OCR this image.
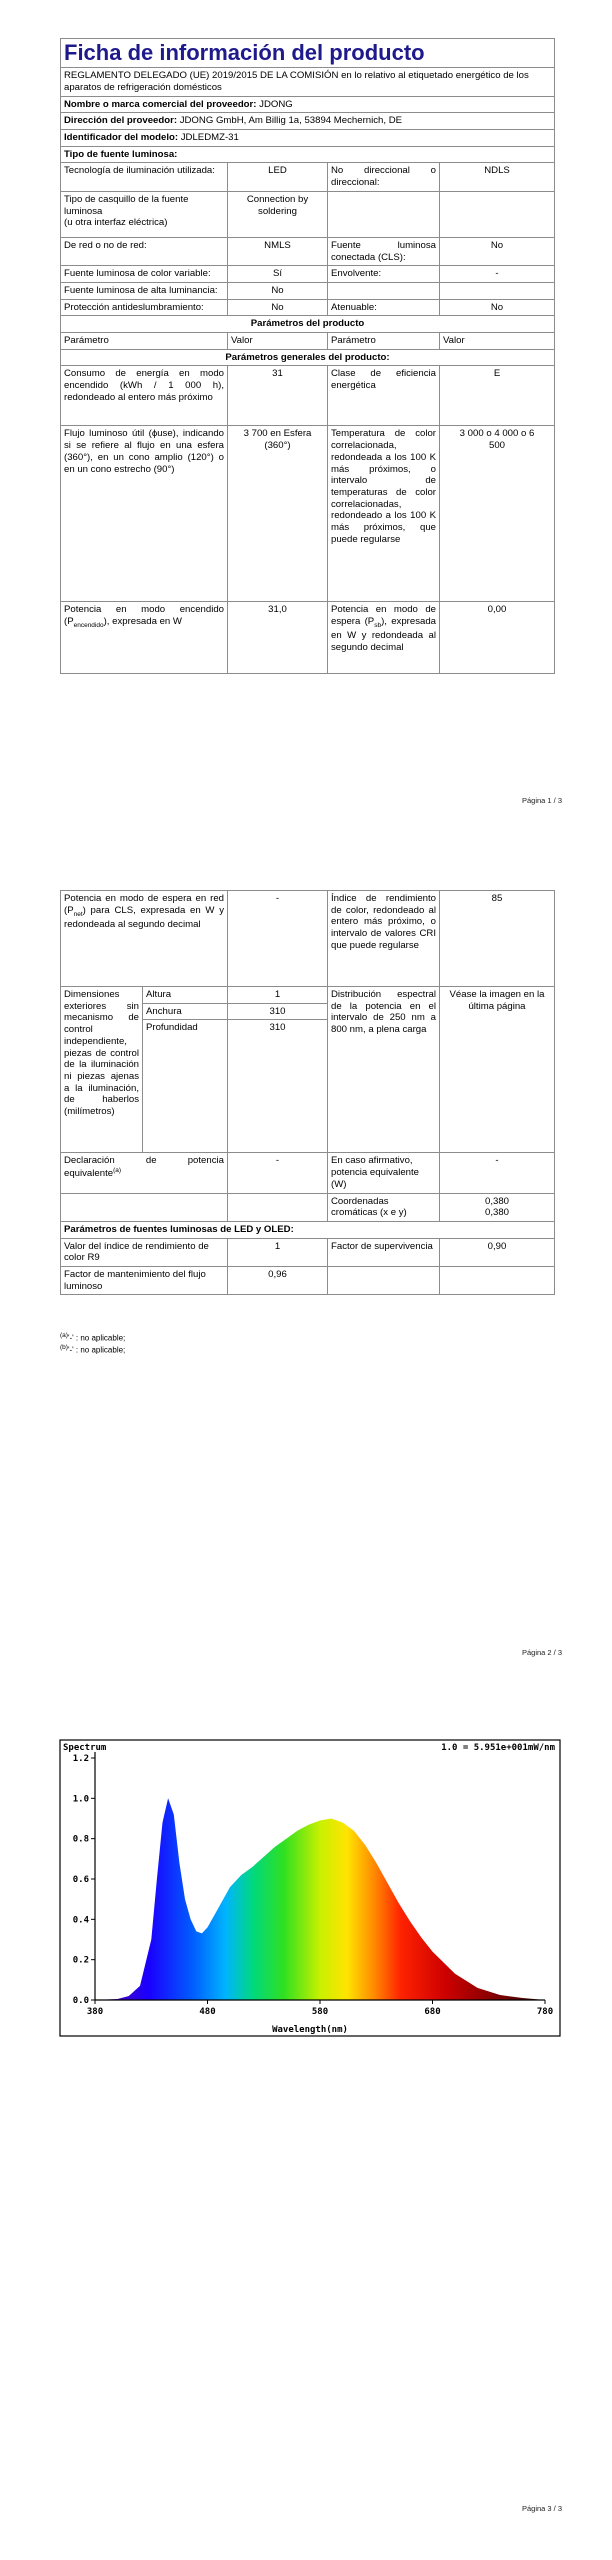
Ficha de información del producto			
REGLAMENTO DELEGADO (UE) 2019/2015 DE LA COMISIÓN en lo relativo al etiquetado energético de los aparatos de refrigeración domésticos			
Nombre o marca comercial del proveedor: JDONG			
Dirección del proveedor: JDONG GmbH, Am Billig 1a, 53894 Mechernich, DE			
Identificador del modelo: JDLEDMZ-31			
Tipo de fuente luminosa:			
Tecnología de iluminación utilizada:	LED	No direccional o direccional:	NDLS

Tipo de casquillo de la fuente luminosa
(u otra interfaz eléctrica)	Connection by soldering		
De red o no de red:	NMLS	Fuente luminosa conectada (CLS):	No
Fuente luminosa de color variable:	Sí	Envolvente:	-
Fuente luminosa de alta luminancia:	No		
Protección antideslumbramiento:	No	Atenuable:	No
Parámetros del producto			
Parámetro	Valor	Parámetro	Valor
Parámetros generales del producto:			
Consumo de energía en modo encendido (kWh / 1 000 h), redondeado al entero más próximo	31	Clase de eficiencia energética	E
Flujo luminoso útil (ϕuse), indicando si se refiere al flujo en una esfera (360°), en un cono amplio (120°) o en un cono estrecho (90°)	3 700 en Esfera (360°)	Temperatura de color correlacionada, redondeada a los 100 K más próximos, o intervalo de temperaturas de color correlacionadas, redondeado a los 100 K más próximos, que puede regularse	3 000 o 4 000 o 6 500
Potencia en modo encendido $(P_{encendido})$, expresada en W	31,0	Potencia en modo de espera $(P_{sb})$, expresada en W y redondeada al segundo decimal	0,00
Página 1 / 3
Potencia en modo de espera en red $(P_{net})$ para CLS, expresada en W y redondeada al segundo decimal		-	Índice de rendimiento de color, redondeado al entero más próximo, o intervalo de valores CRI que puede regularse	85
Dimensiones exteriores sin mecanismo de control independiente, piezas de control de la iluminación ni piezas ajenas a la iluminación, de haberlos (milímetros)	Altura	1	Distribución espectral de la potencia en el intervalo de 250 nm a 800 nm, a plena carga	Véase la imagen en la última página
	Anchura	310		
	Profundidad	310		
Declaración de potencia equivalente$^{(a)}$		-	En caso afirmativo, potencia equivalente (W)	-
			Coordenadas cromáticas (x e y)	0,380
0,380

Parámetros de fuentes luminosas de LED y OLED:				
Valor del índice de rendimiento de color R9		1	Factor de supervivencia	0,90
Factor de mantenimiento del flujo luminoso		0,96		
$^{(a)}$'-' : no aplicable;
$^{(b)}$'-' : no aplicable;
Página 2 / 3
Spectrum	1.0 = 5.951e+001mW/nm
0.0
0.2
0.4
0.6
0.8
1.0
1.2
380	480	580	680	780
Wavelength(nm)
Página 3 / 3
